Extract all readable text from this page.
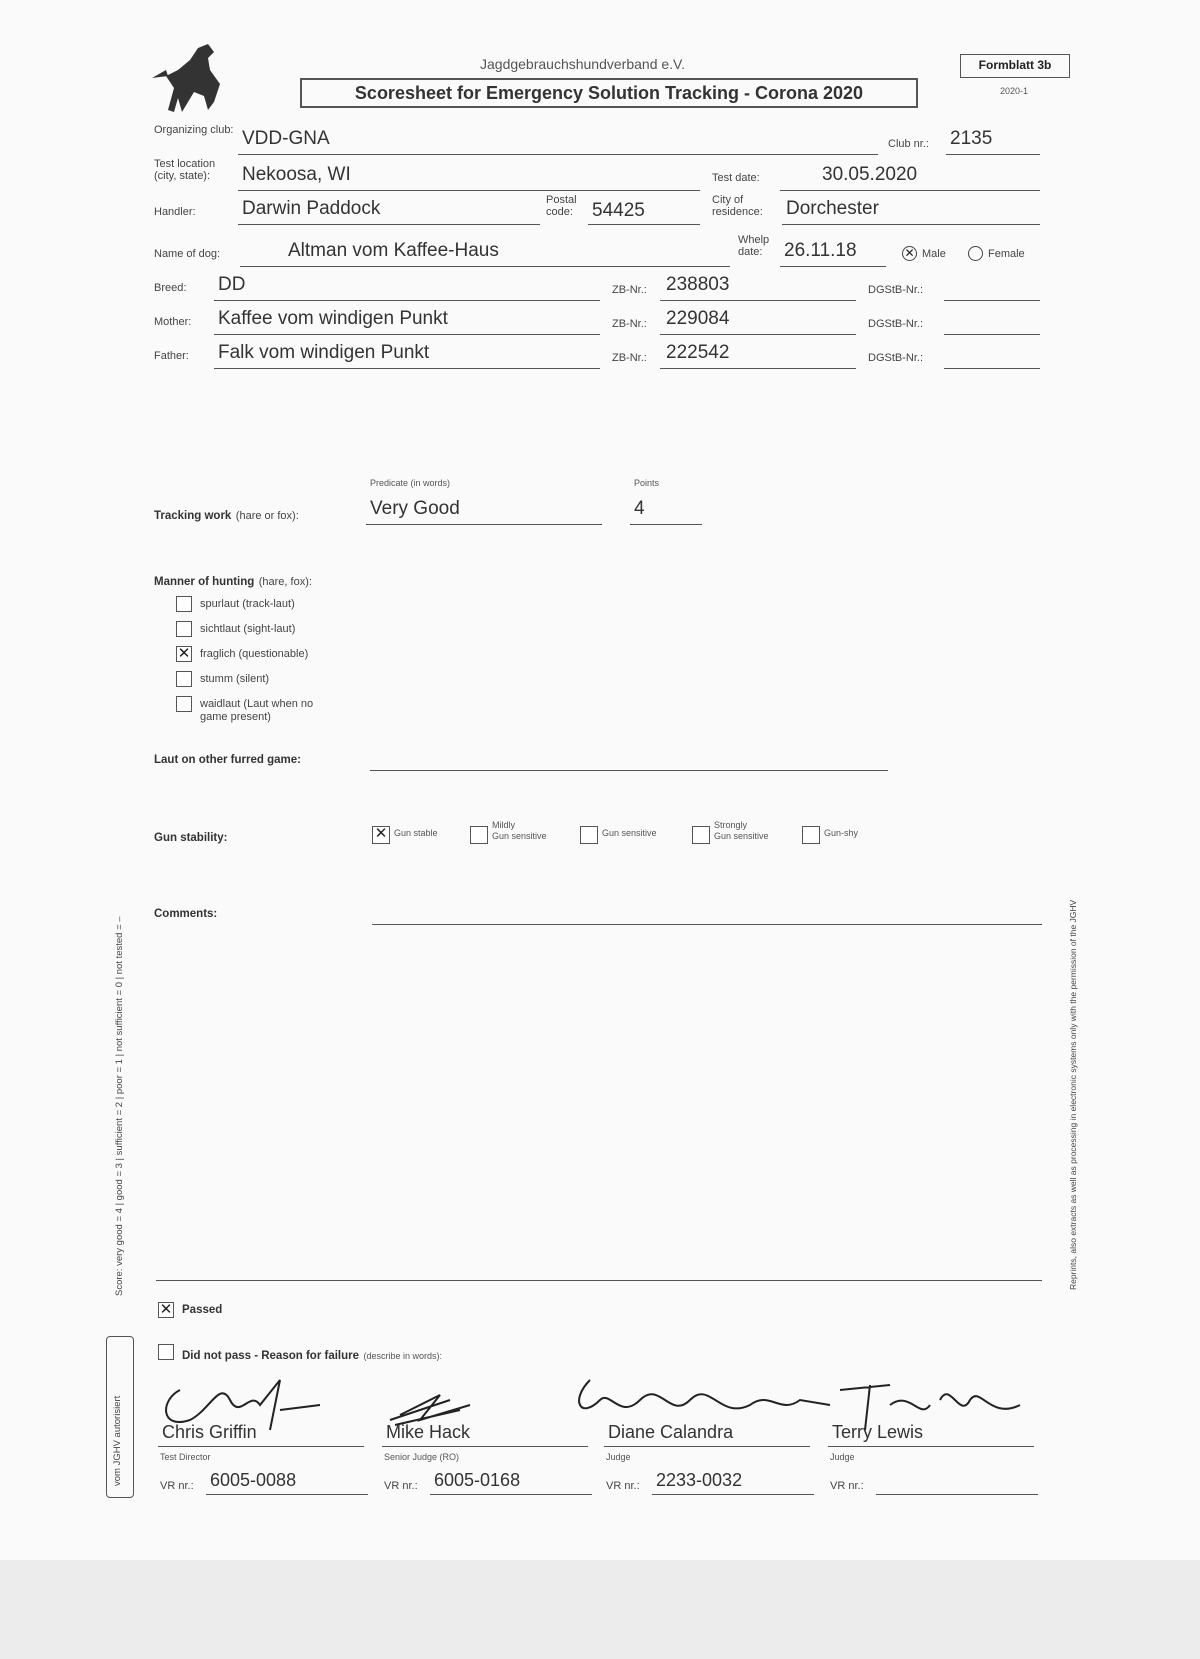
Jagdgebrauchshundverband e.V.
Scoresheet for Emergency Solution Tracking - Corona 2020
Formblatt 3b
2020-1
Organizing club: VDD-GNA	Club nr.: 2135
Test location (city, state):	Nekoosa, WI	Test date:	30.05.2020
Handler: Darwin Paddock	Postal code:	54425	City of residence:	Dorchester
Name of dog:	Altman vom Kaffee-Haus	Whelp date:	26.11.18	✕ Male	Female
Breed: DD	ZB-Nr.: 238803	DGStB-Nr.:
Mother: Kaffee vom windigen Punkt	ZB-Nr.: 229084	DGStB-Nr.:
Father: Falk vom windigen Punkt	ZB-Nr.: 222542	DGStB-Nr.:
Predicate (in words)	Points
Tracking work (hare or fox):	Very Good	4
Manner of hunting (hare, fox):
spurlaut (track-laut)
sichtlaut (sight-laut)
✕ fraglich (questionable)
stumm (silent)
waidlaut (Laut when no
game present)
Laut on other furred game:
Gun stability:	✕ Gun stable
Mildly
Gun sensitive	Gun sensitive
Strongly
Gun sensitive	Gun-shy
Comments:
Score: very good = 4 | good = 3 | sufficient = 2 | poor = 1 | not sufficient = 0 | not tested = –	Reprints, also extracts as well as processing in electronic systems only with the permission of the JGHV
vom JGHV autorisiert
✕ Passed
Did not pass - Reason for failure (describe in words):
Chris Griffin
Test Director
VR nr.: 6005-0088
Mike Hack
Senior Judge (RO)
VR nr.: 6005-0168
Diane Calandra
Judge
VR nr.: 2233-0032
Terry Lewis
Judge
VR nr.:
